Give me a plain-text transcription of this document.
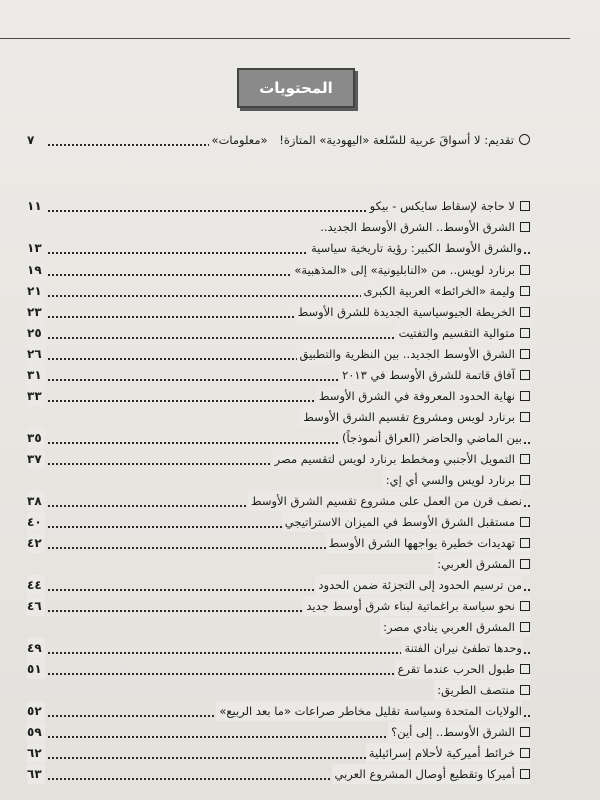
المحتويات
تقديم: لا أسواقَ عربية للسّلعة «اليهودية» المتازة! «معلومات»
٧
لا حاجة لإسقاط سايكس - بيكو
١١
الشرق الأوسط.. الشرق الأوسط الجديد..
والشرق الأوسط الكبير: رؤية تاريخية سياسية
١٣
برنارد لويس.. من «النابليونية» إلى «المذهبية»
١٩
وليمة «الخرائط» العربية الكبرى
٢١
الخريطة الجيوسياسية الجديدة للشرق الأوسط
٢٣
متوالية التقسيم والتفتيت
٢٥
الشرق الأوسط الجديد.. بين النظرية والتطبيق
٢٦
آفاق قاتمة للشرق الأوسط في ٢٠١٣
٣١
نهاية الحدود المعروفة في الشرق الأوسط
٣٣
برنارد لويس ومشروع تقسيم الشرق الأوسط
بين الماضي والحاضر (العراق أنموذجاً)
٣٥
التمويل الأجنبي ومخطط برنارد لويس لتقسيم مصر
٣٧
برنارد لويس والسي أي إي:
نصف قرن من العمل على مشروع تقسيم الشرق الأوسط
٣٨
مستقبل الشرق الأوسط في الميزان الاستراتيجي
٤٠
تهديدات خطيرة يواجهها الشرق الأوسط
٤٢
المشرق العربي:
من ترسيم الحدود إلى التجزئة ضمن الحدود
٤٤
نحو سياسة براغماتية لبناء شرق أوسط جديد
٤٦
المشرق العربي ينادي مصر:
وحدها تطفئ نيران الفتنة
٤٩
طبول الحرب عندما تقرع
٥١
منتصف الطريق:
الولايات المتحدة وسياسة تقليل مخاطر صراعات «ما بعد الربيع»
٥٢
الشرق الأوسط.. إلى أين؟
٥٩
خرائط أميركية لأحلام إسرائيلية
٦٢
أميركا وتقطيع أوصال المشروع العربي
٦٣
